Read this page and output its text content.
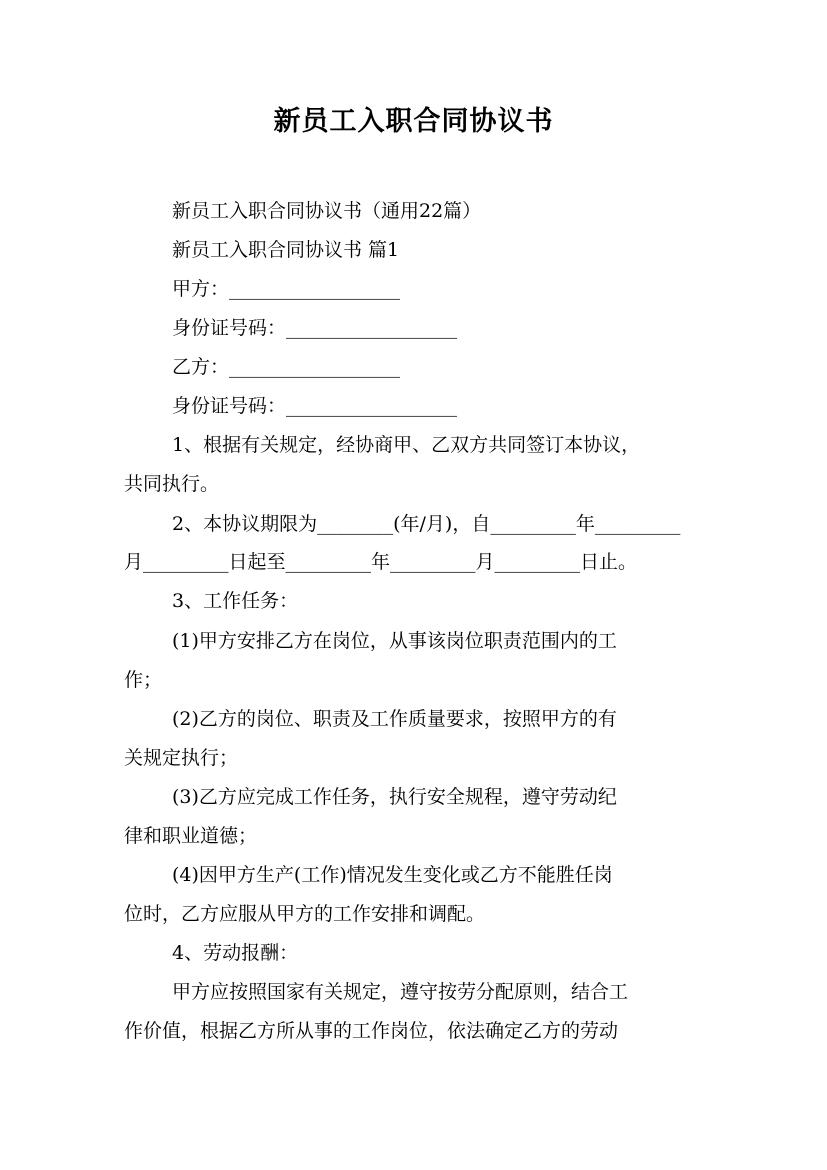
新员工入职合同协议书
新员工入职合同协议书（通用22篇）
新员工入职合同协议书 篇1
甲方：__________________
身份证号码：__________________
乙方：__________________
身份证号码：__________________
1、根据有关规定，经协商甲、乙双方共同签订本协议，
共同执行。
2、本协议期限为________(年/月)，自_________年_________
月_________日起至_________年_________月_________日止。
3、工作任务：
(1)甲方安排乙方在岗位，从事该岗位职责范围内的工
作；
(2)乙方的岗位、职责及工作质量要求，按照甲方的有
关规定执行；
(3)乙方应完成工作任务，执行安全规程，遵守劳动纪
律和职业道德；
(4)因甲方生产(工作)情况发生变化或乙方不能胜任岗
位时，乙方应服从甲方的工作安排和调配。
4、劳动报酬：
甲方应按照国家有关规定，遵守按劳分配原则，结合工
作价值，根据乙方所从事的工作岗位，依法确定乙方的劳动
